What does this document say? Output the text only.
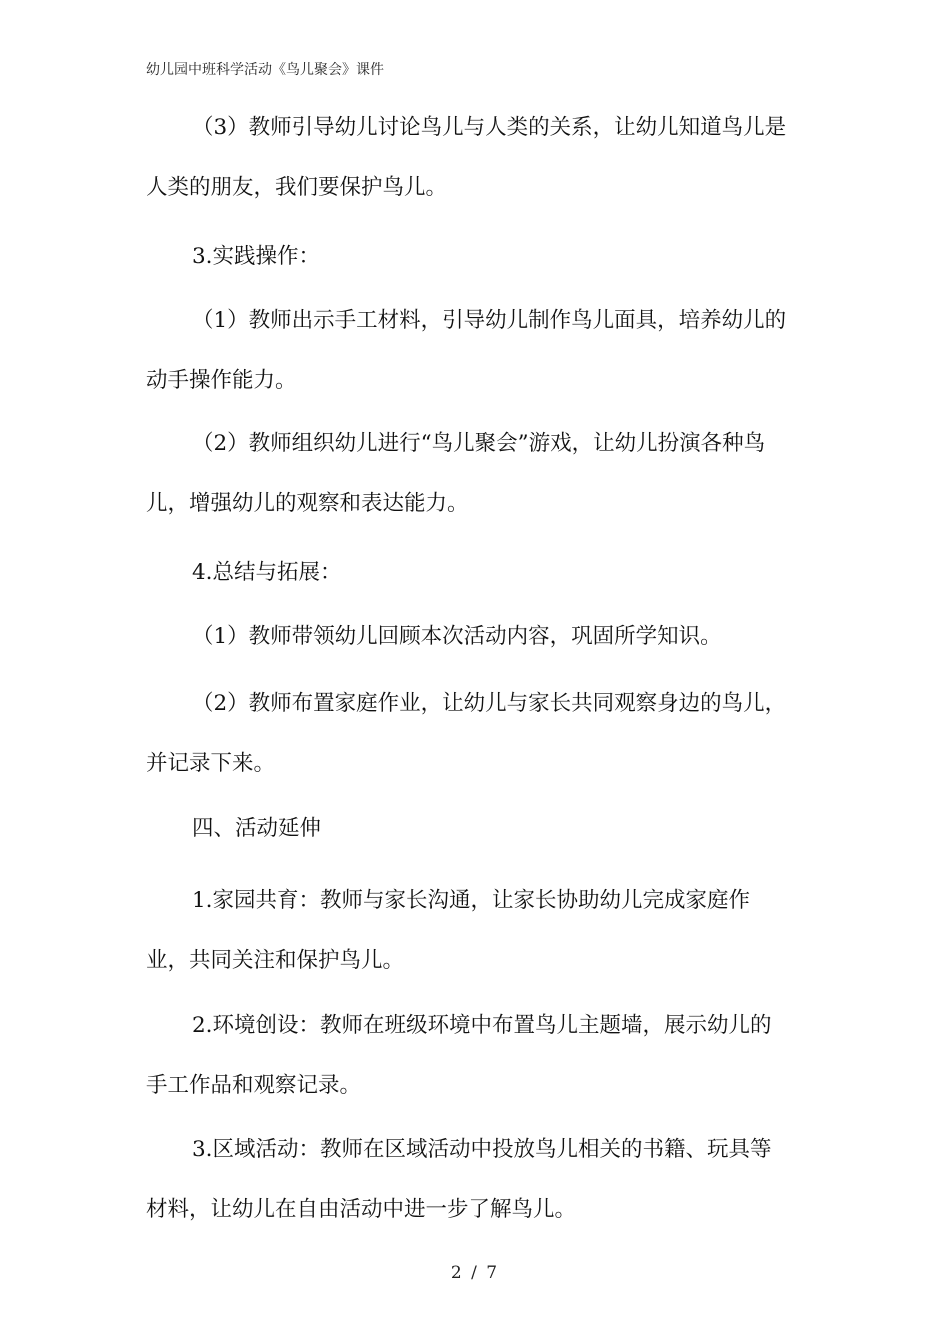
幼儿园中班科学活动《鸟儿聚会》课件
（3）教师引导幼儿讨论鸟儿与人类的关系，让幼儿知道鸟儿是
人类的朋友，我们要保护鸟儿。
3.实践操作：
（1）教师出示手工材料，引导幼儿制作鸟儿面具，培养幼儿的
动手操作能力。
（2）教师组织幼儿进行“鸟儿聚会”游戏，让幼儿扮演各种鸟
儿，增强幼儿的观察和表达能力。
4.总结与拓展：
（1）教师带领幼儿回顾本次活动内容，巩固所学知识。
（2）教师布置家庭作业，让幼儿与家长共同观察身边的鸟儿，
并记录下来。
四、活动延伸
1.家园共育：教师与家长沟通，让家长协助幼儿完成家庭作
业，共同关注和保护鸟儿。
2.环境创设：教师在班级环境中布置鸟儿主题墙，展示幼儿的
手工作品和观察记录。
3.区域活动：教师在区域活动中投放鸟儿相关的书籍、玩具等
材料，让幼儿在自由活动中进一步了解鸟儿。
2 / 7
